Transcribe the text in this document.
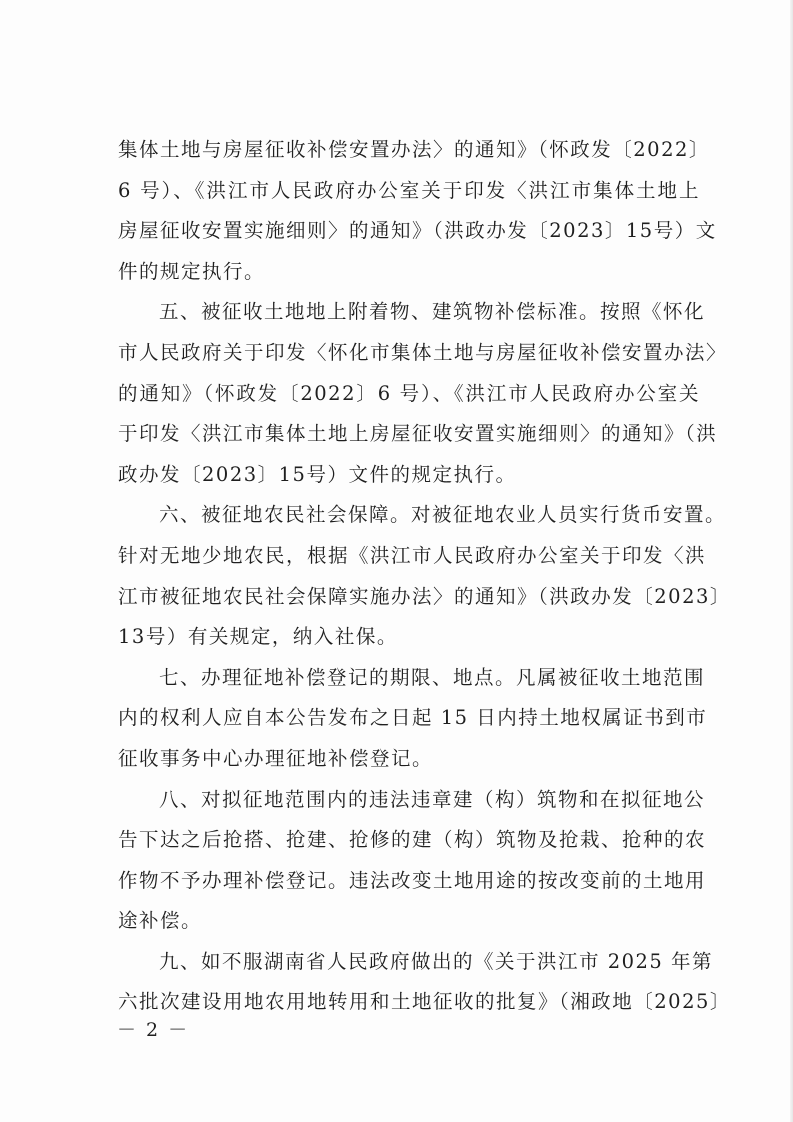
集体土地与房屋征收补偿安置办法〉的通知》（怀政发〔2022〕
6 号）、《洪江市人民政府办公室关于印发〈洪江市集体土地上
房屋征收安置实施细则〉的通知》（洪政办发〔2023〕15号）文
件的规定执行。
五、被征收土地地上附着物、建筑物补偿标准。按照《怀化
市人民政府关于印发〈怀化市集体土地与房屋征收补偿安置办法〉
的通知》（怀政发〔2022〕6 号）、《洪江市人民政府办公室关
于印发〈洪江市集体土地上房屋征收安置实施细则〉的通知》（洪
政办发〔2023〕15号）文件的规定执行。
六、被征地农民社会保障。对被征地农业人员实行货币安置。
针对无地少地农民，根据《洪江市人民政府办公室关于印发〈洪
江市被征地农民社会保障实施办法〉的通知》（洪政办发〔2023〕
13号）有关规定，纳入社保。
七、办理征地补偿登记的期限、地点。凡属被征收土地范围
内的权利人应自本公告发布之日起 15 日内持土地权属证书到市
征收事务中心办理征地补偿登记。
八、对拟征地范围内的违法违章建（构）筑物和在拟征地公
告下达之后抢搭、抢建、抢修的建（构）筑物及抢栽、抢种的农
作物不予办理补偿登记。违法改变土地用途的按改变前的土地用
途补偿。
九、如不服湖南省人民政府做出的《关于洪江市 2025 年第
六批次建设用地农用地转用和土地征收的批复》（湘政地〔2025〕
－ 2 －
